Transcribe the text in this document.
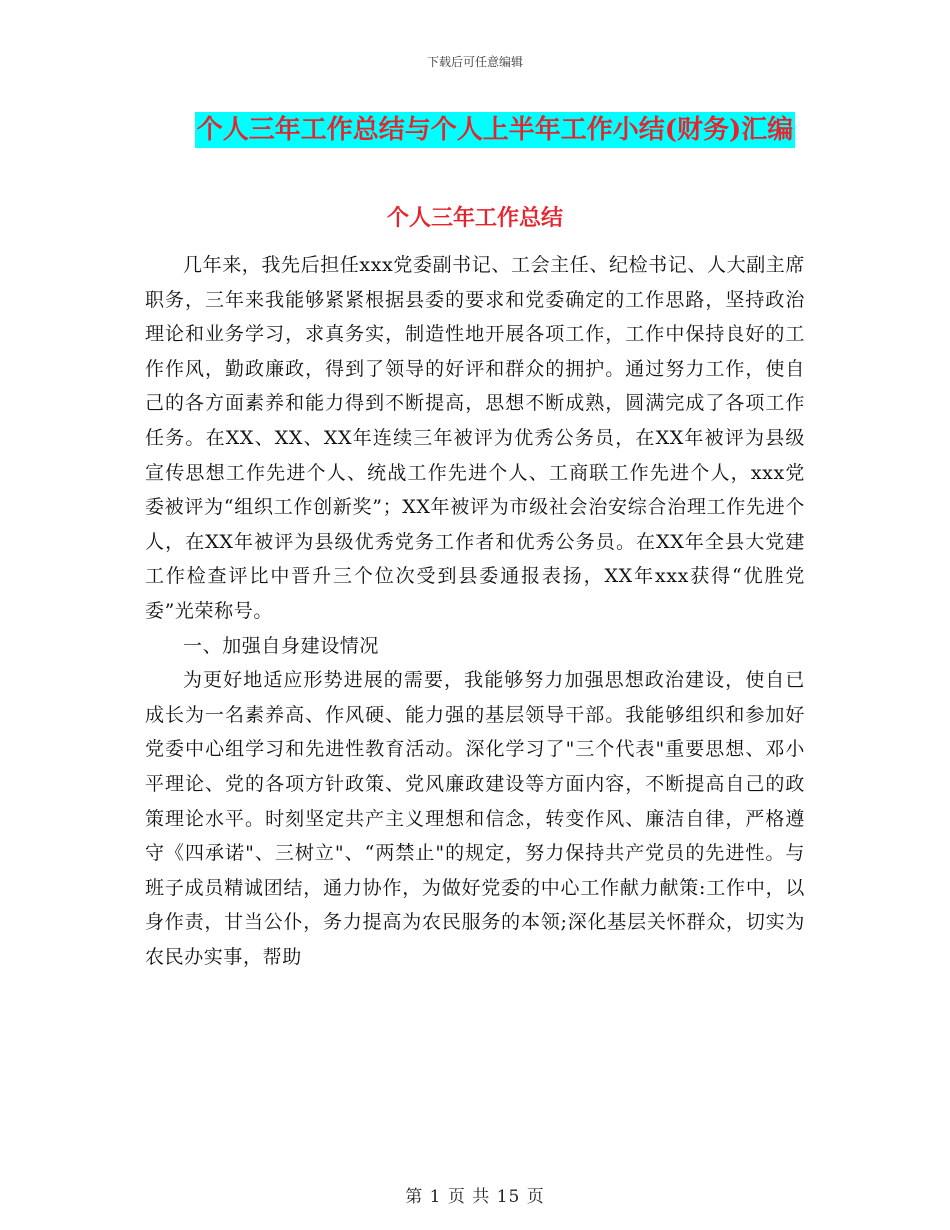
下载后可任意编辑
个人三年工作总结与个人上半年工作小结(财务)汇编
个人三年工作总结

几年来，我先后担任xxx党委副书记、工会主任、纪检书记、人大副主席职务，三年来我能够紧紧根据县委的要求和党委确定的工作思路，坚持政治理论和业务学习，求真务实，制造性地开展各项工作，工作中保持良好的工作作风，勤政廉政，得到了领导的好评和群众的拥护。通过努力工作，使自己的各方面素养和能力得到不断提高，思想不断成熟，圆满完成了各项工作任务。在XX、XX、XX年连续三年被评为优秀公务员，在XX年被评为县级宣传思想工作先进个人、统战工作先进个人、工商联工作先进个人，xxx党委被评为“组织工作创新奖”；XX年被评为市级社会治安综合治理工作先进个人，在XX年被评为县级优秀党务工作者和优秀公务员。在XX年全县大党建工作检查评比中晋升三个位次受到县委通报表扬，XX年xxx获得“优胜党委”光荣称号。

一、加强自身建设情况

为更好地适应形势进展的需要，我能够努力加强思想政治建设，使自已成长为一名素养高、作风硬、能力强的基层领导干部。我能够组织和参加好党委中心组学习和先进性教育活动。深化学习了"三个代表"重要思想、邓小平理论、党的各项方针政策、党风廉政建设等方面内容，不断提高自己的政策理论水平。时刻坚定共产主义理想和信念，转变作风、廉洁自律，严格遵守《四承诺"、三树立"、“两禁止"的规定，努力保持共产党员的先进性。与班子成员精诚团结，通力协作，为做好党委的中心工作献力献策:工作中，以身作责，甘当公仆，务力提高为农民服务的本领;深化基层关怀群众，切实为农民办实事，帮助

第 1 页 共 15 页
